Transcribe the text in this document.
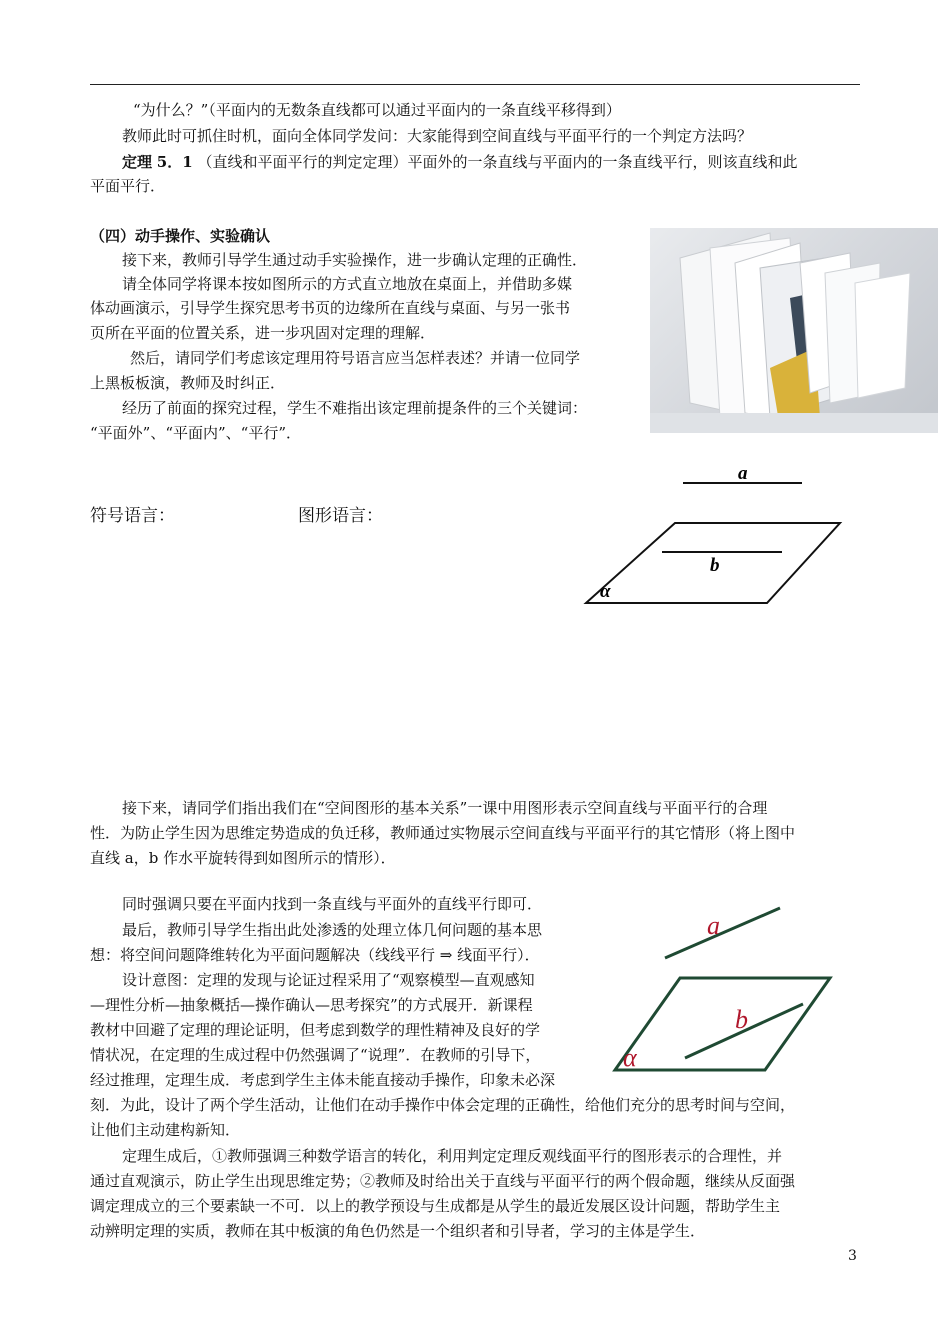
“为什么？”（平面内的无数条直线都可以通过平面内的一条直线平移得到）
教师此时可抓住时机，面向全体同学发问：大家能得到空间直线与平面平行的一个判定方法吗？
定理 5．1 （直线和平面平行的判定定理）平面外的一条直线与平面内的一条直线平行，则该直线和此
平面平行．
（四）动手操作、实验确认
接下来，教师引导学生通过动手实验操作，进一步确认定理的正确性．
请全体同学将课本按如图所示的方式直立地放在桌面上，并借助多媒
体动画演示，引导学生探究思考书页的边缘所在直线与桌面、与另一张书
页所在平面的位置关系，进一步巩固对定理的理解．
然后，请同学们考虑该定理用符号语言应当怎样表述？并请一位同学
上黑板板演，教师及时纠正．
经历了前面的探究过程，学生不难指出该定理前提条件的三个关键词：
“平面外”、“平面内”、“平行”．
符号语言：	图形语言：
a
b
α
接下来，请同学们指出我们在“空间图形的基本关系”一课中用图形表示空间直线与平面平行的合理
性．为防止学生因为思维定势造成的负迁移，教师通过实物展示空间直线与平面平行的其它情形（将上图中
直线 a，b 作水平旋转得到如图所示的情形）．
同时强调只要在平面内找到一条直线与平面外的直线平行即可．
最后，教师引导学生指出此处渗透的处理立体几何问题的基本思
想：将空间问题降维转化为平面问题解决（线线平行 ⇒ 线面平行）．
设计意图：定理的发现与论证过程采用了“观察模型—直观感知
—理性分析—抽象概括—操作确认—思考探究”的方式展开．新课程
教材中回避了定理的理论证明，但考虑到数学的理性精神及良好的学
情状况，在定理的生成过程中仍然强调了“说理”．在教师的引导下，
经过推理，定理生成．考虑到学生主体未能直接动手操作，印象未必深
刻．为此，设计了两个学生活动，让他们在动手操作中体会定理的正确性，给他们充分的思考时间与空间，
让他们主动建构新知．
a
b
α
定理生成后，①教师强调三种数学语言的转化，利用判定定理反观线面平行的图形表示的合理性，并
通过直观演示，防止学生出现思维定势；②教师及时给出关于直线与平面平行的两个假命题，继续从反面强
调定理成立的三个要素缺一不可．以上的教学预设与生成都是从学生的最近发展区设计问题，帮助学生主
动辨明定理的实质，教师在其中板演的角色仍然是一个组织者和引导者，学习的主体是学生．
3
